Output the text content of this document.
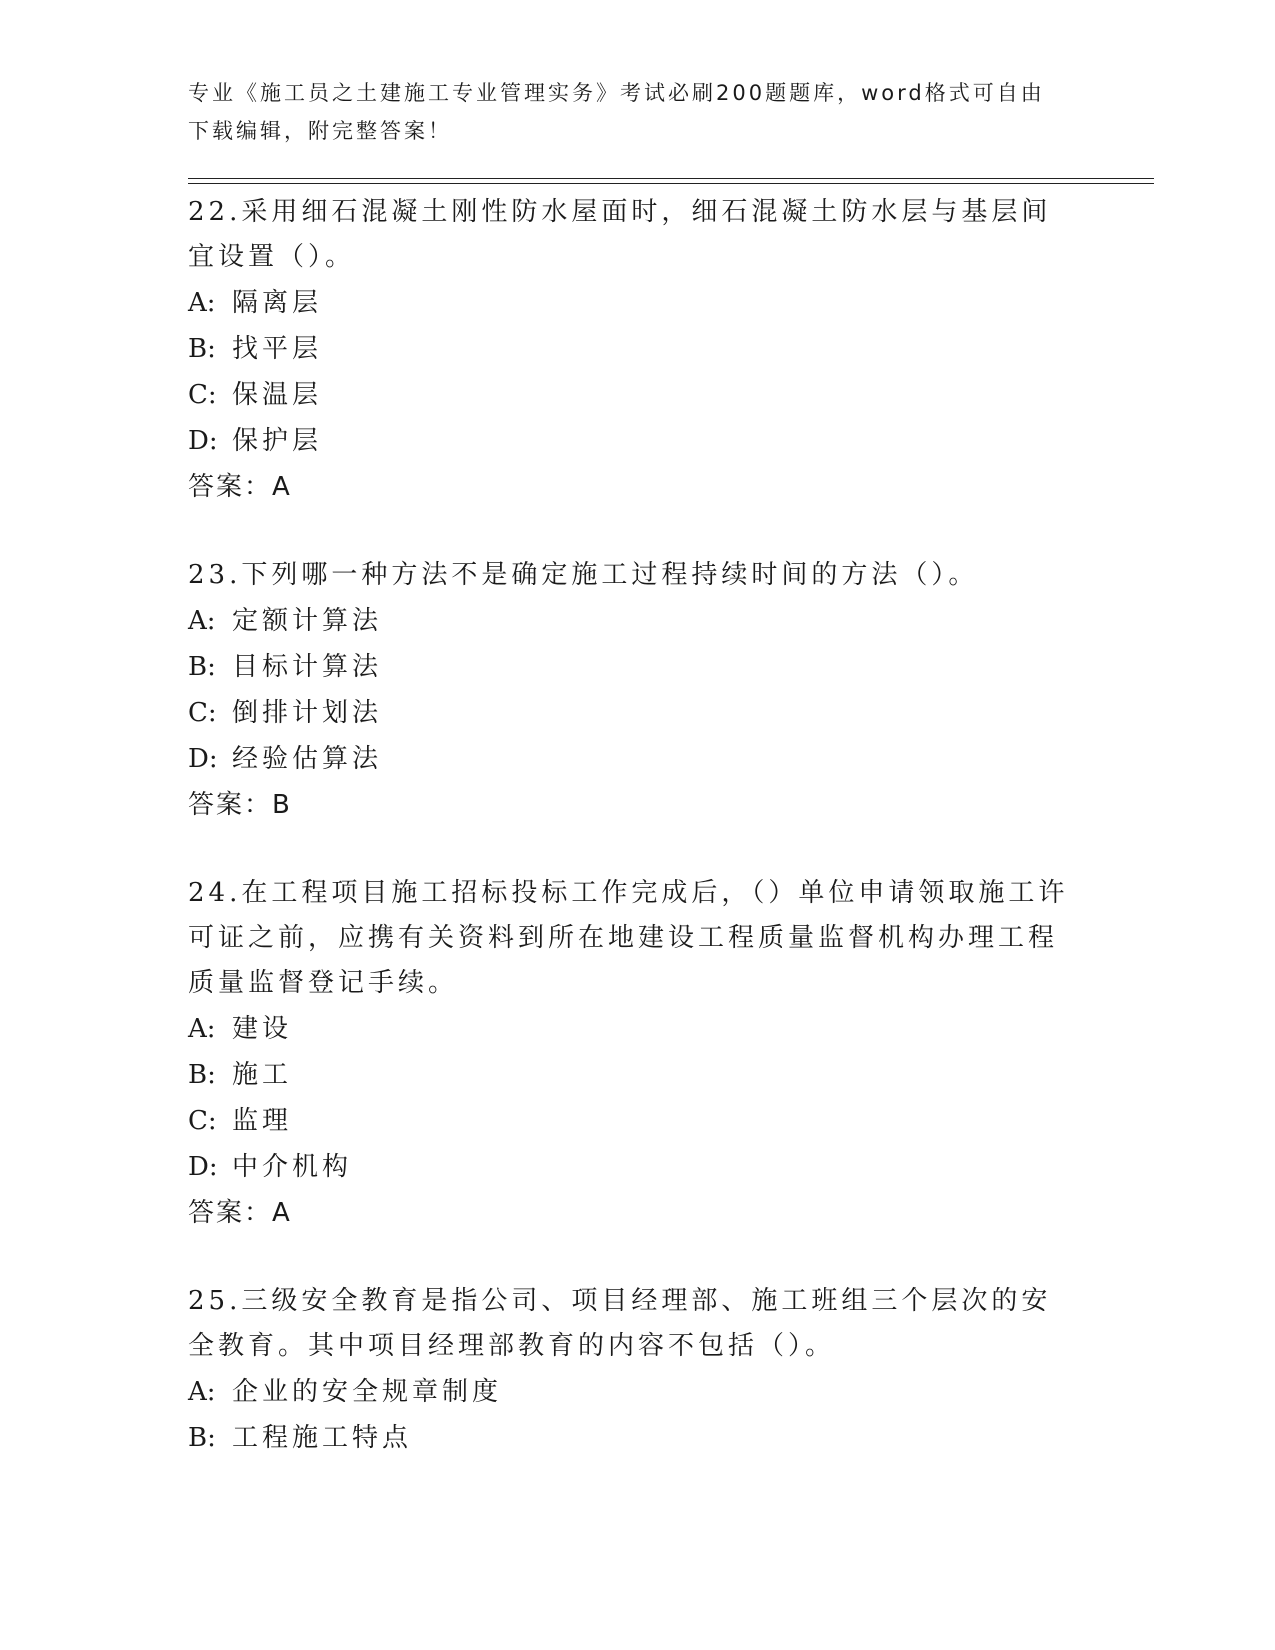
专业《施工员之土建施工专业管理实务》考试必刷200题题库，word格式可自由下载编辑，附完整答案！
22.采用细石混凝土刚性防水屋面时，细石混凝土防水层与基层间宜设置（）。
A: 隔离层
B: 找平层
C: 保温层
D: 保护层
答案：A
23.下列哪一种方法不是确定施工过程持续时间的方法（）。
A: 定额计算法
B: 目标计算法
C: 倒排计划法
D: 经验估算法
答案：B
24.在工程项目施工招标投标工作完成后，（）单位申请领取施工许可证之前，应携有关资料到所在地建设工程质量监督机构办理工程质量监督登记手续。
A: 建设
B: 施工
C: 监理
D: 中介机构
答案：A
25.三级安全教育是指公司、项目经理部、施工班组三个层次的安全教育。其中项目经理部教育的内容不包括（）。
A: 企业的安全规章制度
B: 工程施工特点
